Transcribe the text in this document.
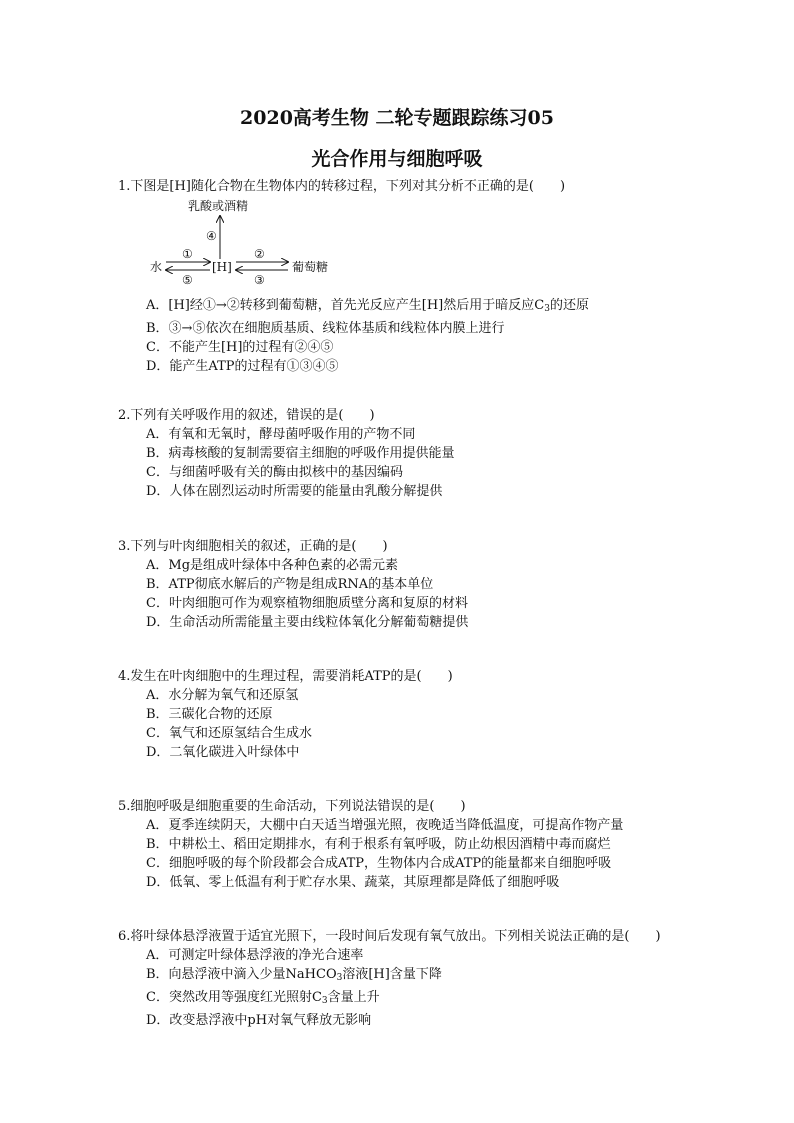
2020高考生物 二轮专题跟踪练习05
光合作用与细胞呼吸
1.下图是[H]随化合物在生物体内的转移过程，下列对其分析不正确的是(　　)
乳酸或酒精
④
水	[H]
①
⑤
②
③
葡萄糖
A．[H]经①→②转移到葡萄糖，首先光反应产生[H]然后用于暗反应$C_3$的还原
B．③→⑤依次在细胞质基质、线粒体基质和线粒体内膜上进行
C．不能产生[H]的过程有②④⑤
D．能产生ATP的过程有①③④⑤
2.下列有关呼吸作用的叙述，错误的是(　　)
A．有氧和无氧时，酵母菌呼吸作用的产物不同
B．病毒核酸的复制需要宿主细胞的呼吸作用提供能量
C．与细菌呼吸有关的酶由拟核中的基因编码
D．人体在剧烈运动时所需要的能量由乳酸分解提供
3.下列与叶肉细胞相关的叙述，正确的是(　　)
A．Mg是组成叶绿体中各种色素的必需元素
B．ATP彻底水解后的产物是组成RNA的基本单位
C．叶肉细胞可作为观察植物细胞质壁分离和复原的材料
D．生命活动所需能量主要由线粒体氧化分解葡萄糖提供
4.发生在叶肉细胞中的生理过程，需要消耗ATP的是(　　)
A．水分解为氧气和还原氢
B．三碳化合物的还原
C．氧气和还原氢结合生成水
D．二氧化碳进入叶绿体中
5.细胞呼吸是细胞重要的生命活动，下列说法错误的是(　　)
A．夏季连续阴天，大棚中白天适当增强光照，夜晚适当降低温度，可提高作物产量
B．中耕松土、稻田定期排水，有利于根系有氧呼吸，防止幼根因酒精中毒而腐烂
C．细胞呼吸的每个阶段都会合成ATP，生物体内合成ATP的能量都来自细胞呼吸
D．低氧、零上低温有利于贮存水果、蔬菜，其原理都是降低了细胞呼吸
6.将叶绿体悬浮液置于适宜光照下，一段时间后发现有氧气放出。下列相关说法正确的是(　　)
A．可测定叶绿体悬浮液的净光合速率
B．向悬浮液中滴入少量NaHCO$_3$溶液[H]含量下降
C．突然改用等强度红光照射$C_3$含量上升
D．改变悬浮液中pH对氧气释放无影响
